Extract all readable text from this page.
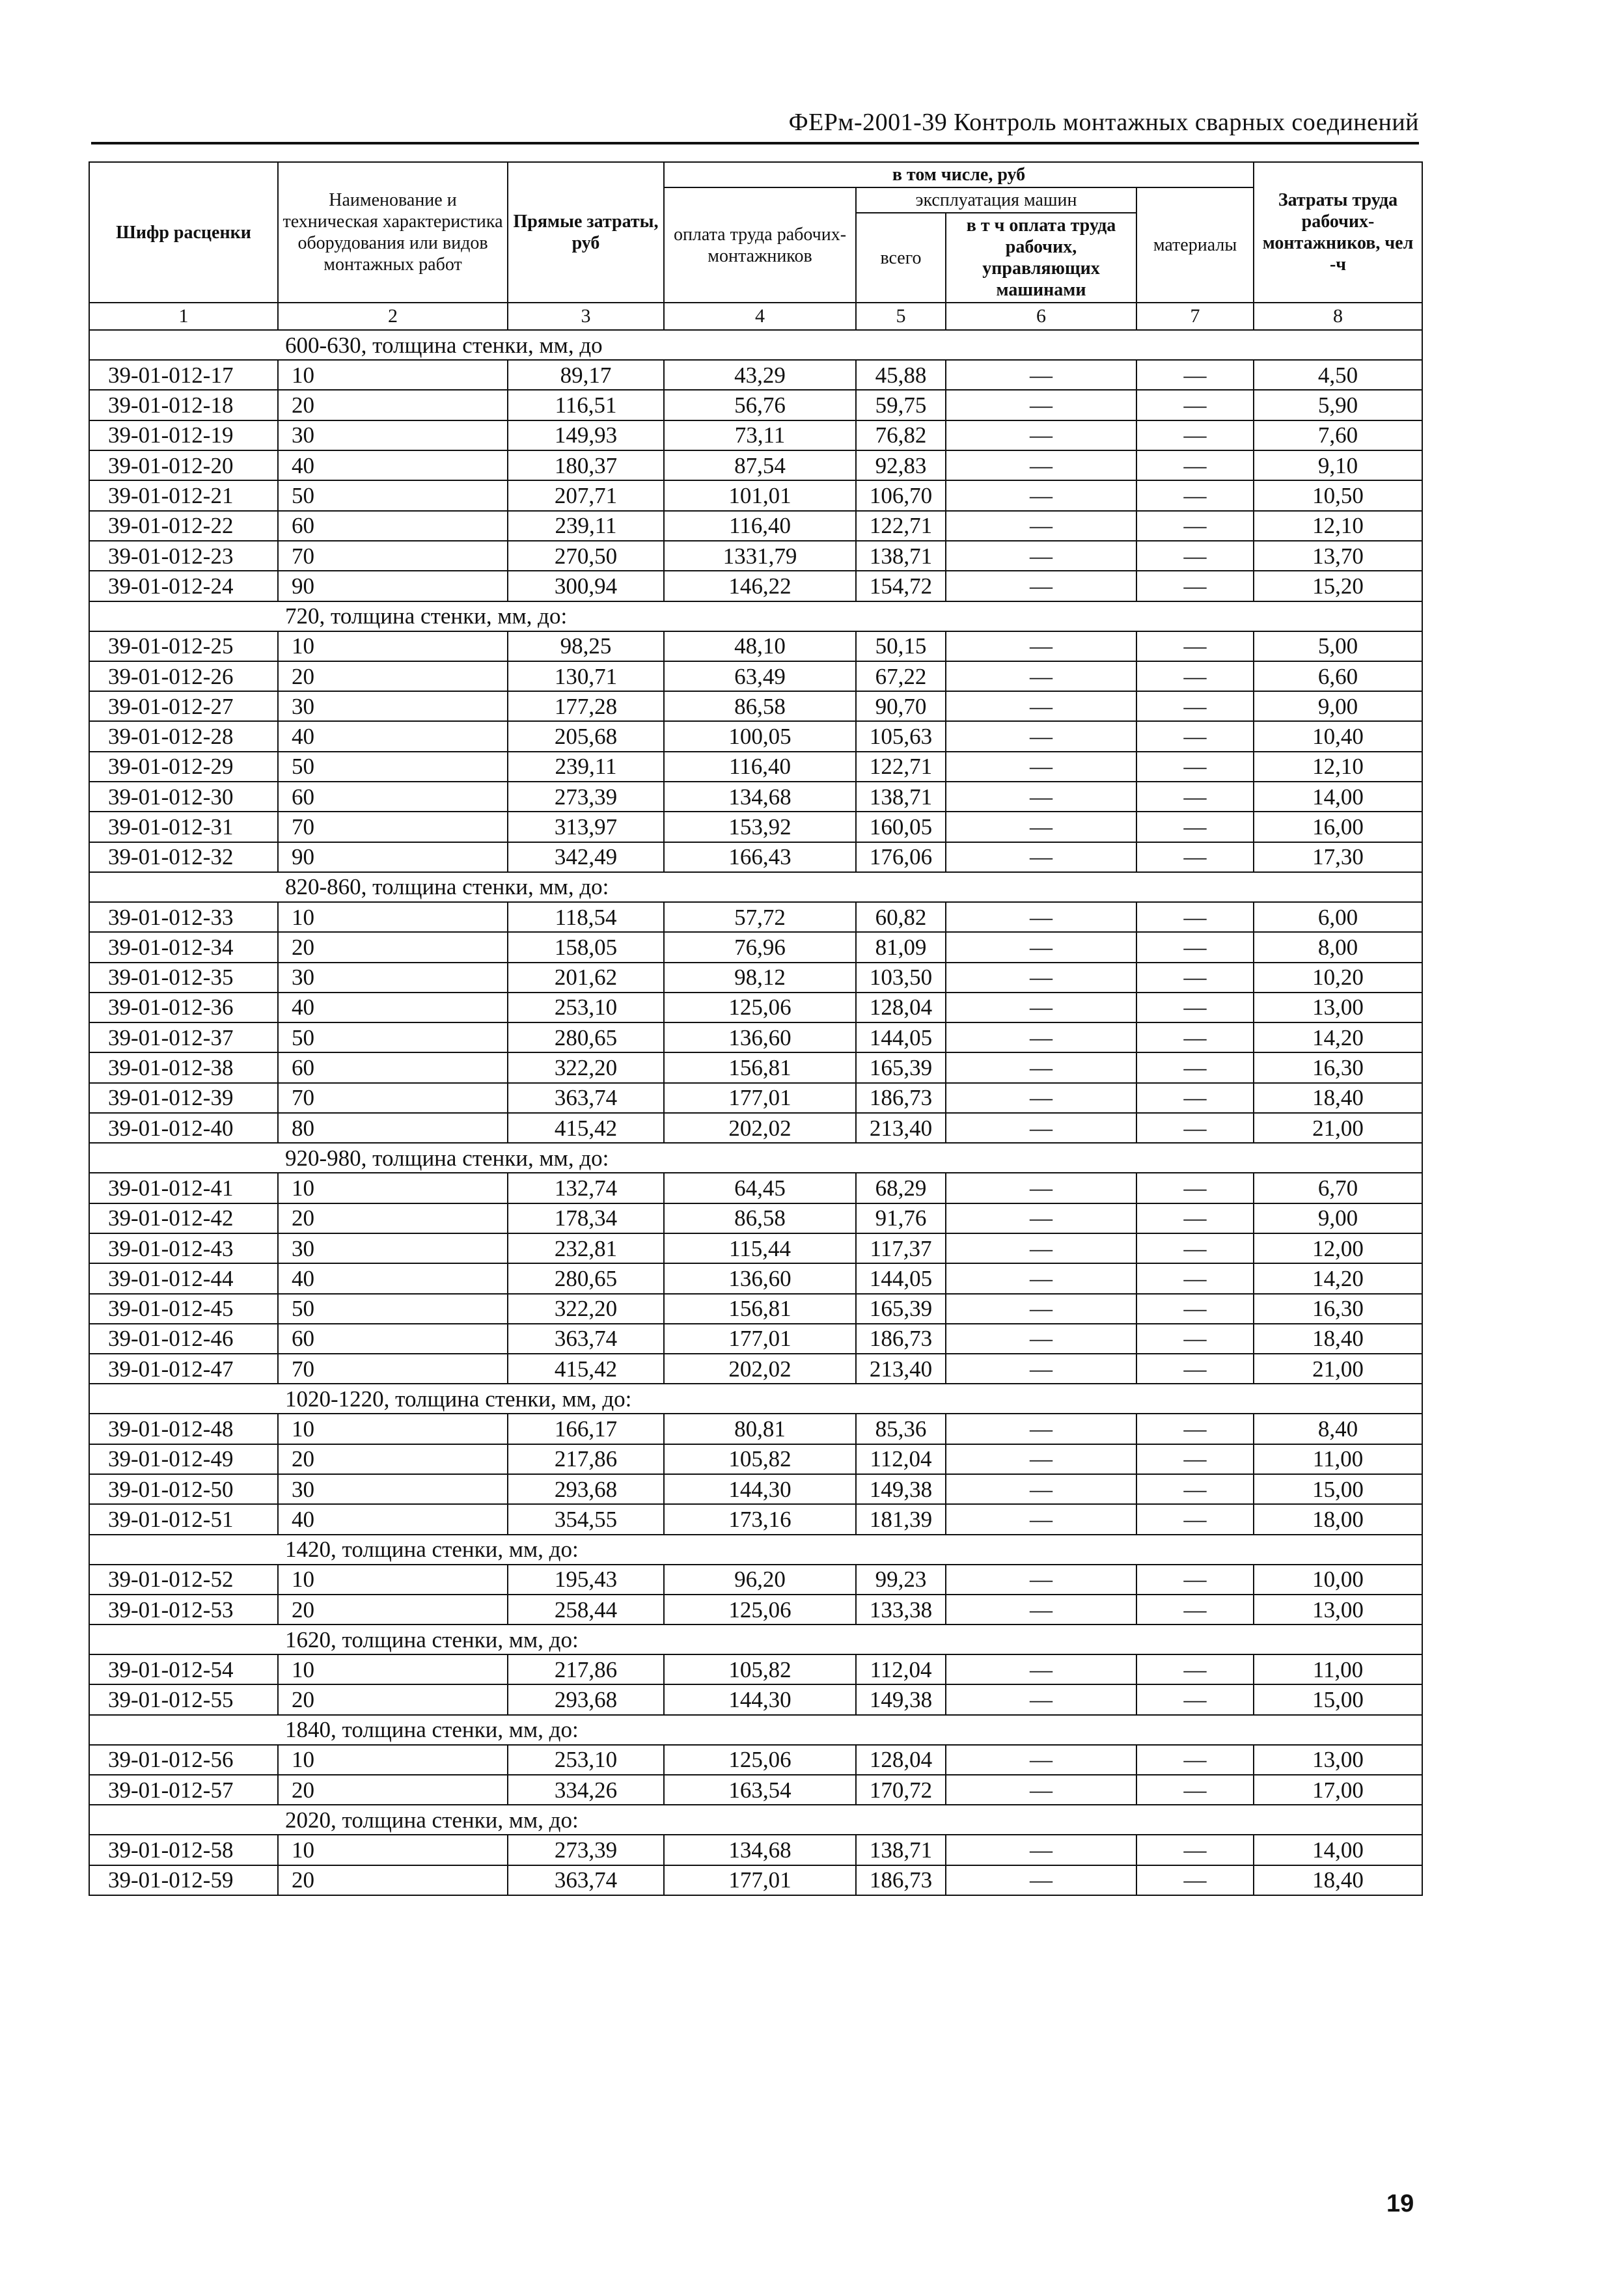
ФЕРм-2001-39 Контроль монтажных сварных соединений
Шифр расценки	Наименование и техническая характеристика оборудования или видов монтажных работ	Прямые затраты, руб	в том числе, руб				Затраты труда рабочих-монтажников, чел -ч
			оплата труда рабочих-монтажников	эксплуатация машин		материалы	
				всего	в т ч оплата труда рабочих, управляющих машинами		
1	2	3	4	5	6	7	8
600-630, толщина стенки, мм, до							
39-01-012-17	10	89,17	43,29	45,88	—	—	4,50
39-01-012-18	20	116,51	56,76	59,75	—	—	5,90
39-01-012-19	30	149,93	73,11	76,82	—	—	7,60
39-01-012-20	40	180,37	87,54	92,83	—	—	9,10
39-01-012-21	50	207,71	101,01	106,70	—	—	10,50
39-01-012-22	60	239,11	116,40	122,71	—	—	12,10
39-01-012-23	70	270,50	1331,79	138,71	—	—	13,70
39-01-012-24	90	300,94	146,22	154,72	—	—	15,20
720, толщина стенки, мм, до:							
39-01-012-25	10	98,25	48,10	50,15	—	—	5,00
39-01-012-26	20	130,71	63,49	67,22	—	—	6,60
39-01-012-27	30	177,28	86,58	90,70	—	—	9,00
39-01-012-28	40	205,68	100,05	105,63	—	—	10,40
39-01-012-29	50	239,11	116,40	122,71	—	—	12,10
39-01-012-30	60	273,39	134,68	138,71	—	—	14,00
39-01-012-31	70	313,97	153,92	160,05	—	—	16,00
39-01-012-32	90	342,49	166,43	176,06	—	—	17,30
820-860, толщина стенки, мм, до:							
39-01-012-33	10	118,54	57,72	60,82	—	—	6,00
39-01-012-34	20	158,05	76,96	81,09	—	—	8,00
39-01-012-35	30	201,62	98,12	103,50	—	—	10,20
39-01-012-36	40	253,10	125,06	128,04	—	—	13,00
39-01-012-37	50	280,65	136,60	144,05	—	—	14,20
39-01-012-38	60	322,20	156,81	165,39	—	—	16,30
39-01-012-39	70	363,74	177,01	186,73	—	—	18,40
39-01-012-40	80	415,42	202,02	213,40	—	—	21,00
920-980, толщина стенки, мм, до:							
39-01-012-41	10	132,74	64,45	68,29	—	—	6,70
39-01-012-42	20	178,34	86,58	91,76	—	—	9,00
39-01-012-43	30	232,81	115,44	117,37	—	—	12,00
39-01-012-44	40	280,65	136,60	144,05	—	—	14,20
39-01-012-45	50	322,20	156,81	165,39	—	—	16,30
39-01-012-46	60	363,74	177,01	186,73	—	—	18,40
39-01-012-47	70	415,42	202,02	213,40	—	—	21,00
1020-1220, толщина стенки, мм, до:							
39-01-012-48	10	166,17	80,81	85,36	—	—	8,40
39-01-012-49	20	217,86	105,82	112,04	—	—	11,00
39-01-012-50	30	293,68	144,30	149,38	—	—	15,00
39-01-012-51	40	354,55	173,16	181,39	—	—	18,00
1420, толщина стенки, мм, до:							
39-01-012-52	10	195,43	96,20	99,23	—	—	10,00
39-01-012-53	20	258,44	125,06	133,38	—	—	13,00
1620, толщина стенки, мм, до:							
39-01-012-54	10	217,86	105,82	112,04	—	—	11,00
39-01-012-55	20	293,68	144,30	149,38	—	—	15,00
1840, толщина стенки, мм, до:							
39-01-012-56	10	253,10	125,06	128,04	—	—	13,00
39-01-012-57	20	334,26	163,54	170,72	—	—	17,00
2020, толщина стенки, мм, до:							
39-01-012-58	10	273,39	134,68	138,71	—	—	14,00
39-01-012-59	20	363,74	177,01	186,73	—	—	18,40
19
